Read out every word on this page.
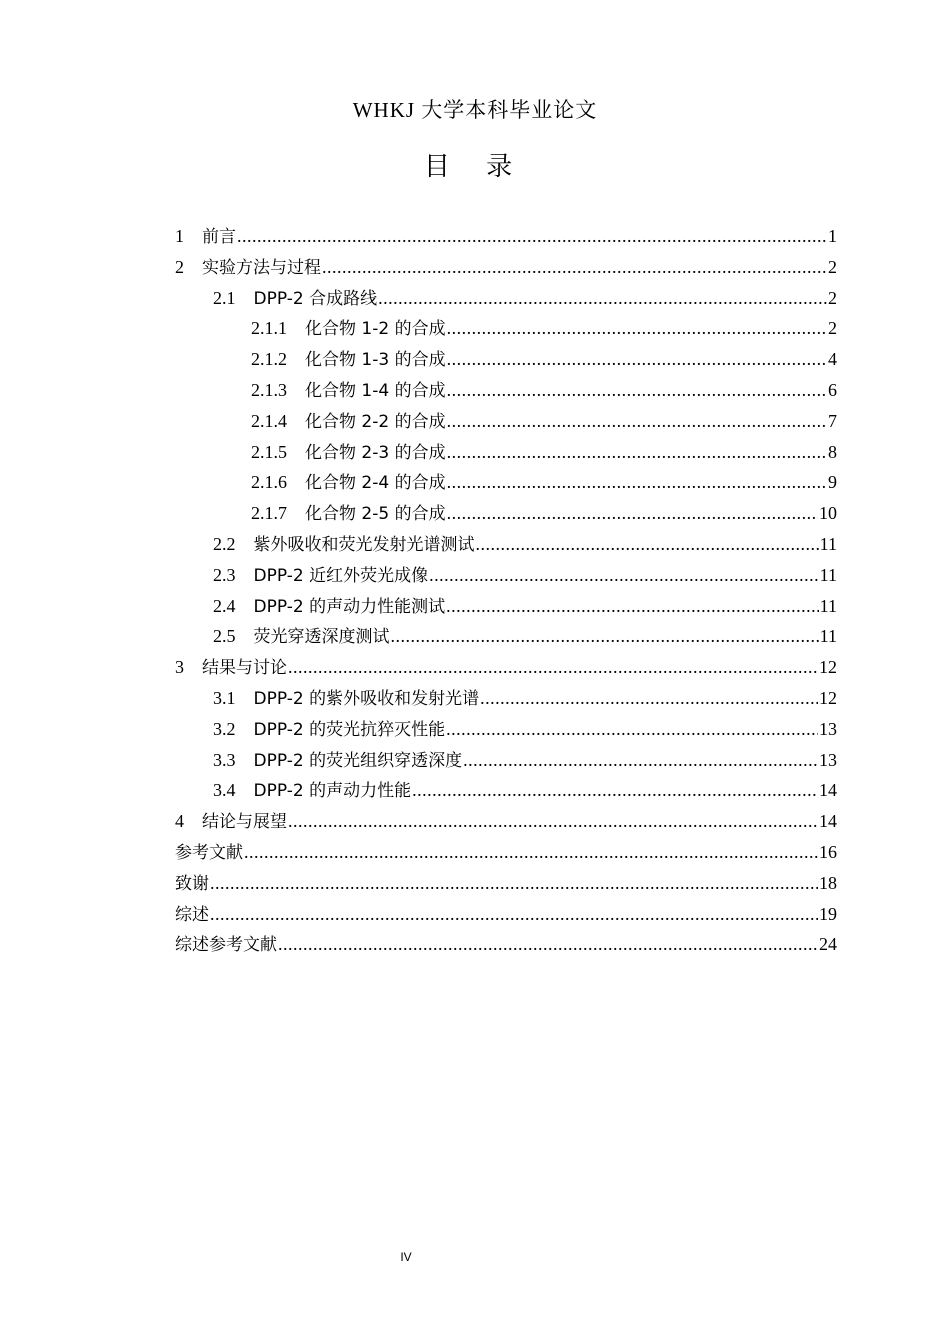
WHKJ 大学本科毕业论文
目 录
1 前言 .....	1
2 实验方法与过程 .....	2
2.1 DPP-2 合成路线 .....	2
2.1.1 化合物 1-2 的合成 .....	2
2.1.2 化合物 1-3 的合成 .....	4
2.1.3 化合物 1-4 的合成 .....	6
2.1.4 化合物 2-2 的合成 .....	7
2.1.5 化合物 2-3 的合成 .....	8
2.1.6 化合物 2-4 的合成 .....	9
2.1.7 化合物 2-5 的合成 .....	10
2.2 紫外吸收和荧光发射光谱测试 .....	11
2.3 DPP-2 近红外荧光成像 .....	11
2.4 DPP-2 的声动力性能测试 .....	11
2.5 荧光穿透深度测试 .....	11
3 结果与讨论 .....	12
3.1 DPP-2 的紫外吸收和发射光谱 .....	12
3.2 DPP-2 的荧光抗猝灭性能 .....	13
3.3 DPP-2 的荧光组织穿透深度 .....	13
3.4 DPP-2 的声动力性能 .....	14
4 结论与展望 .....	14
参考文献 .....	16
致谢 .....	18
综述 .....	19
综述参考文献 .....	24
IV
